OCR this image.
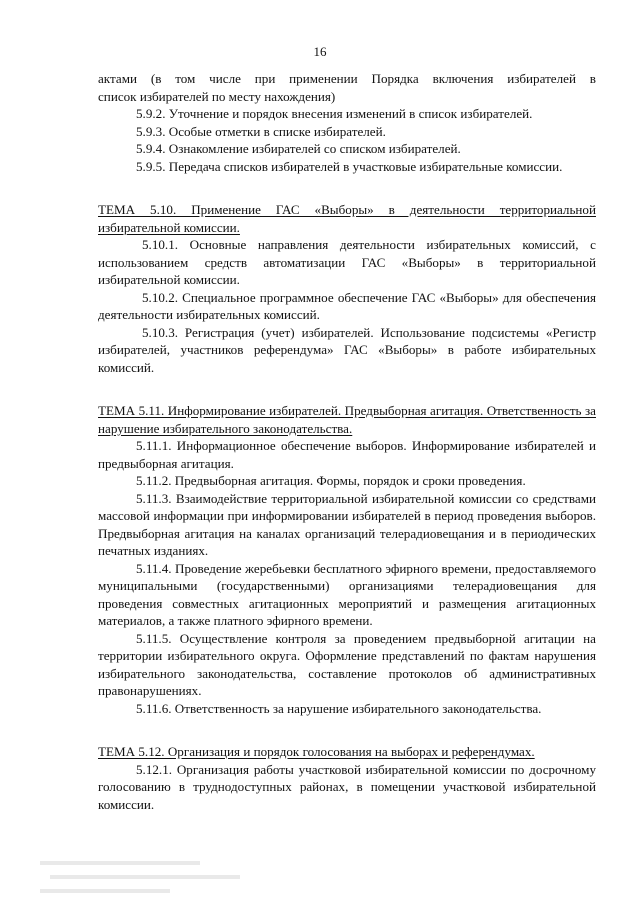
16

актами (в том числе при применении Порядка включения избирателей в

список избирателей по месту нахождения)

5.9.2. Уточнение и порядок внесения изменений в список избирателей.

5.9.3. Особые отметки в списке избирателей.

5.9.4. Ознакомление избирателей со списком избирателей.

5.9.5. Передача списков избирателей в участковые избирательные комиссии.

ТЕМА 5.10. Применение ГАС «Выборы» в деятельности территориальной избирательной комиссии.

5.10.1. Основные направления деятельности избирательных комиссий, с использованием средств автоматизации ГАС «Выборы» в территориальной избирательной комиссии.

5.10.2. Специальное программное обеспечение ГАС «Выборы» для обеспечения деятельности избирательных комиссий.

5.10.3. Регистрация (учет) избирателей. Использование подсистемы «Регистр избирателей, участников референдума» ГАС «Выборы» в работе избирательных комиссий.

ТЕМА 5.11. Информирование избирателей. Предвыборная агитация. Ответственность за нарушение избирательного законодательства.

5.11.1. Информационное обеспечение выборов. Информирование избирателей и предвыборная агитация.

5.11.2. Предвыборная агитация. Формы, порядок и сроки проведения.

5.11.3. Взаимодействие территориальной избирательной комиссии со средствами массовой информации при информировании избирателей в период проведения выборов. Предвыборная агитация на каналах организаций телерадиовещания и в периодических печатных изданиях.

5.11.4. Проведение жеребьевки бесплатного эфирного времени, предоставляемого муниципальными (государственными) организациями телерадиовещания для проведения совместных агитационных мероприятий и размещения агитационных материалов, а также платного эфирного времени.

5.11.5. Осуществление контроля за проведением предвыборной агитации на территории избирательного округа. Оформление представлений по фактам нарушения избирательного законодательства, составление протоколов об административных правонарушениях.

5.11.6. Ответственность за нарушение избирательного законодательства.

ТЕМА 5.12. Организация и порядок голосования на выборах и референдумах.

5.12.1. Организация работы участковой избирательной комиссии по досрочному голосованию в труднодоступных районах, в помещении участковой избирательной комиссии.
